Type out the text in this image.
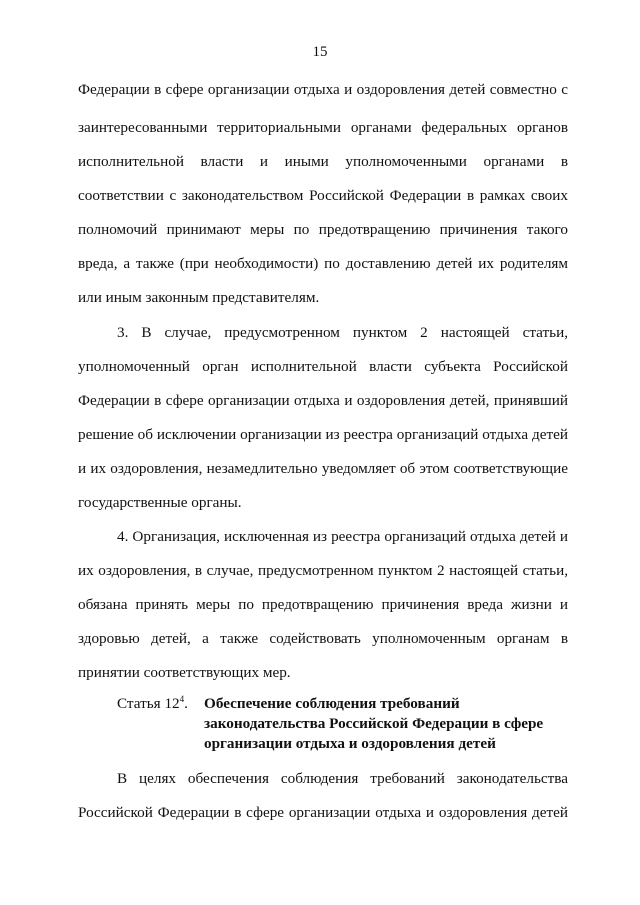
15
Федерации в сфере организации отдыха и оздоровления детей совместно с
заинтересованными территориальными органами федеральных органов
исполнительной власти и иными уполномоченными органами в
соответствии с законодательством Российской Федерации в рамках своих
полномочий принимают меры по предотвращению причинения такого
вреда, а также (при необходимости) по доставлению детей их родителям
или иным законным представителям.
3. В случае, предусмотренном пунктом 2 настоящей статьи,
уполномоченный орган исполнительной власти субъекта Российской
Федерации в сфере организации отдыха и оздоровления детей, принявший
решение об исключении организации из реестра организаций отдыха детей
и их оздоровления, незамедлительно уведомляет об этом соответствующие
государственные органы.
4. Организация, исключенная из реестра организаций отдыха детей и
их оздоровления, в случае, предусмотренном пунктом 2 настоящей статьи,
обязана принять меры по предотвращению причинения вреда жизни и
здоровью детей, а также содействовать уполномоченным органам в
принятии соответствующих мер.
Статья $12^4$. Обеспечение соблюдения требований
законодательства Российской Федерации в сфере
организации отдыха и оздоровления детей
В целях обеспечения соблюдения требований законодательства
Российской Федерации в сфере организации отдыха и оздоровления детей
